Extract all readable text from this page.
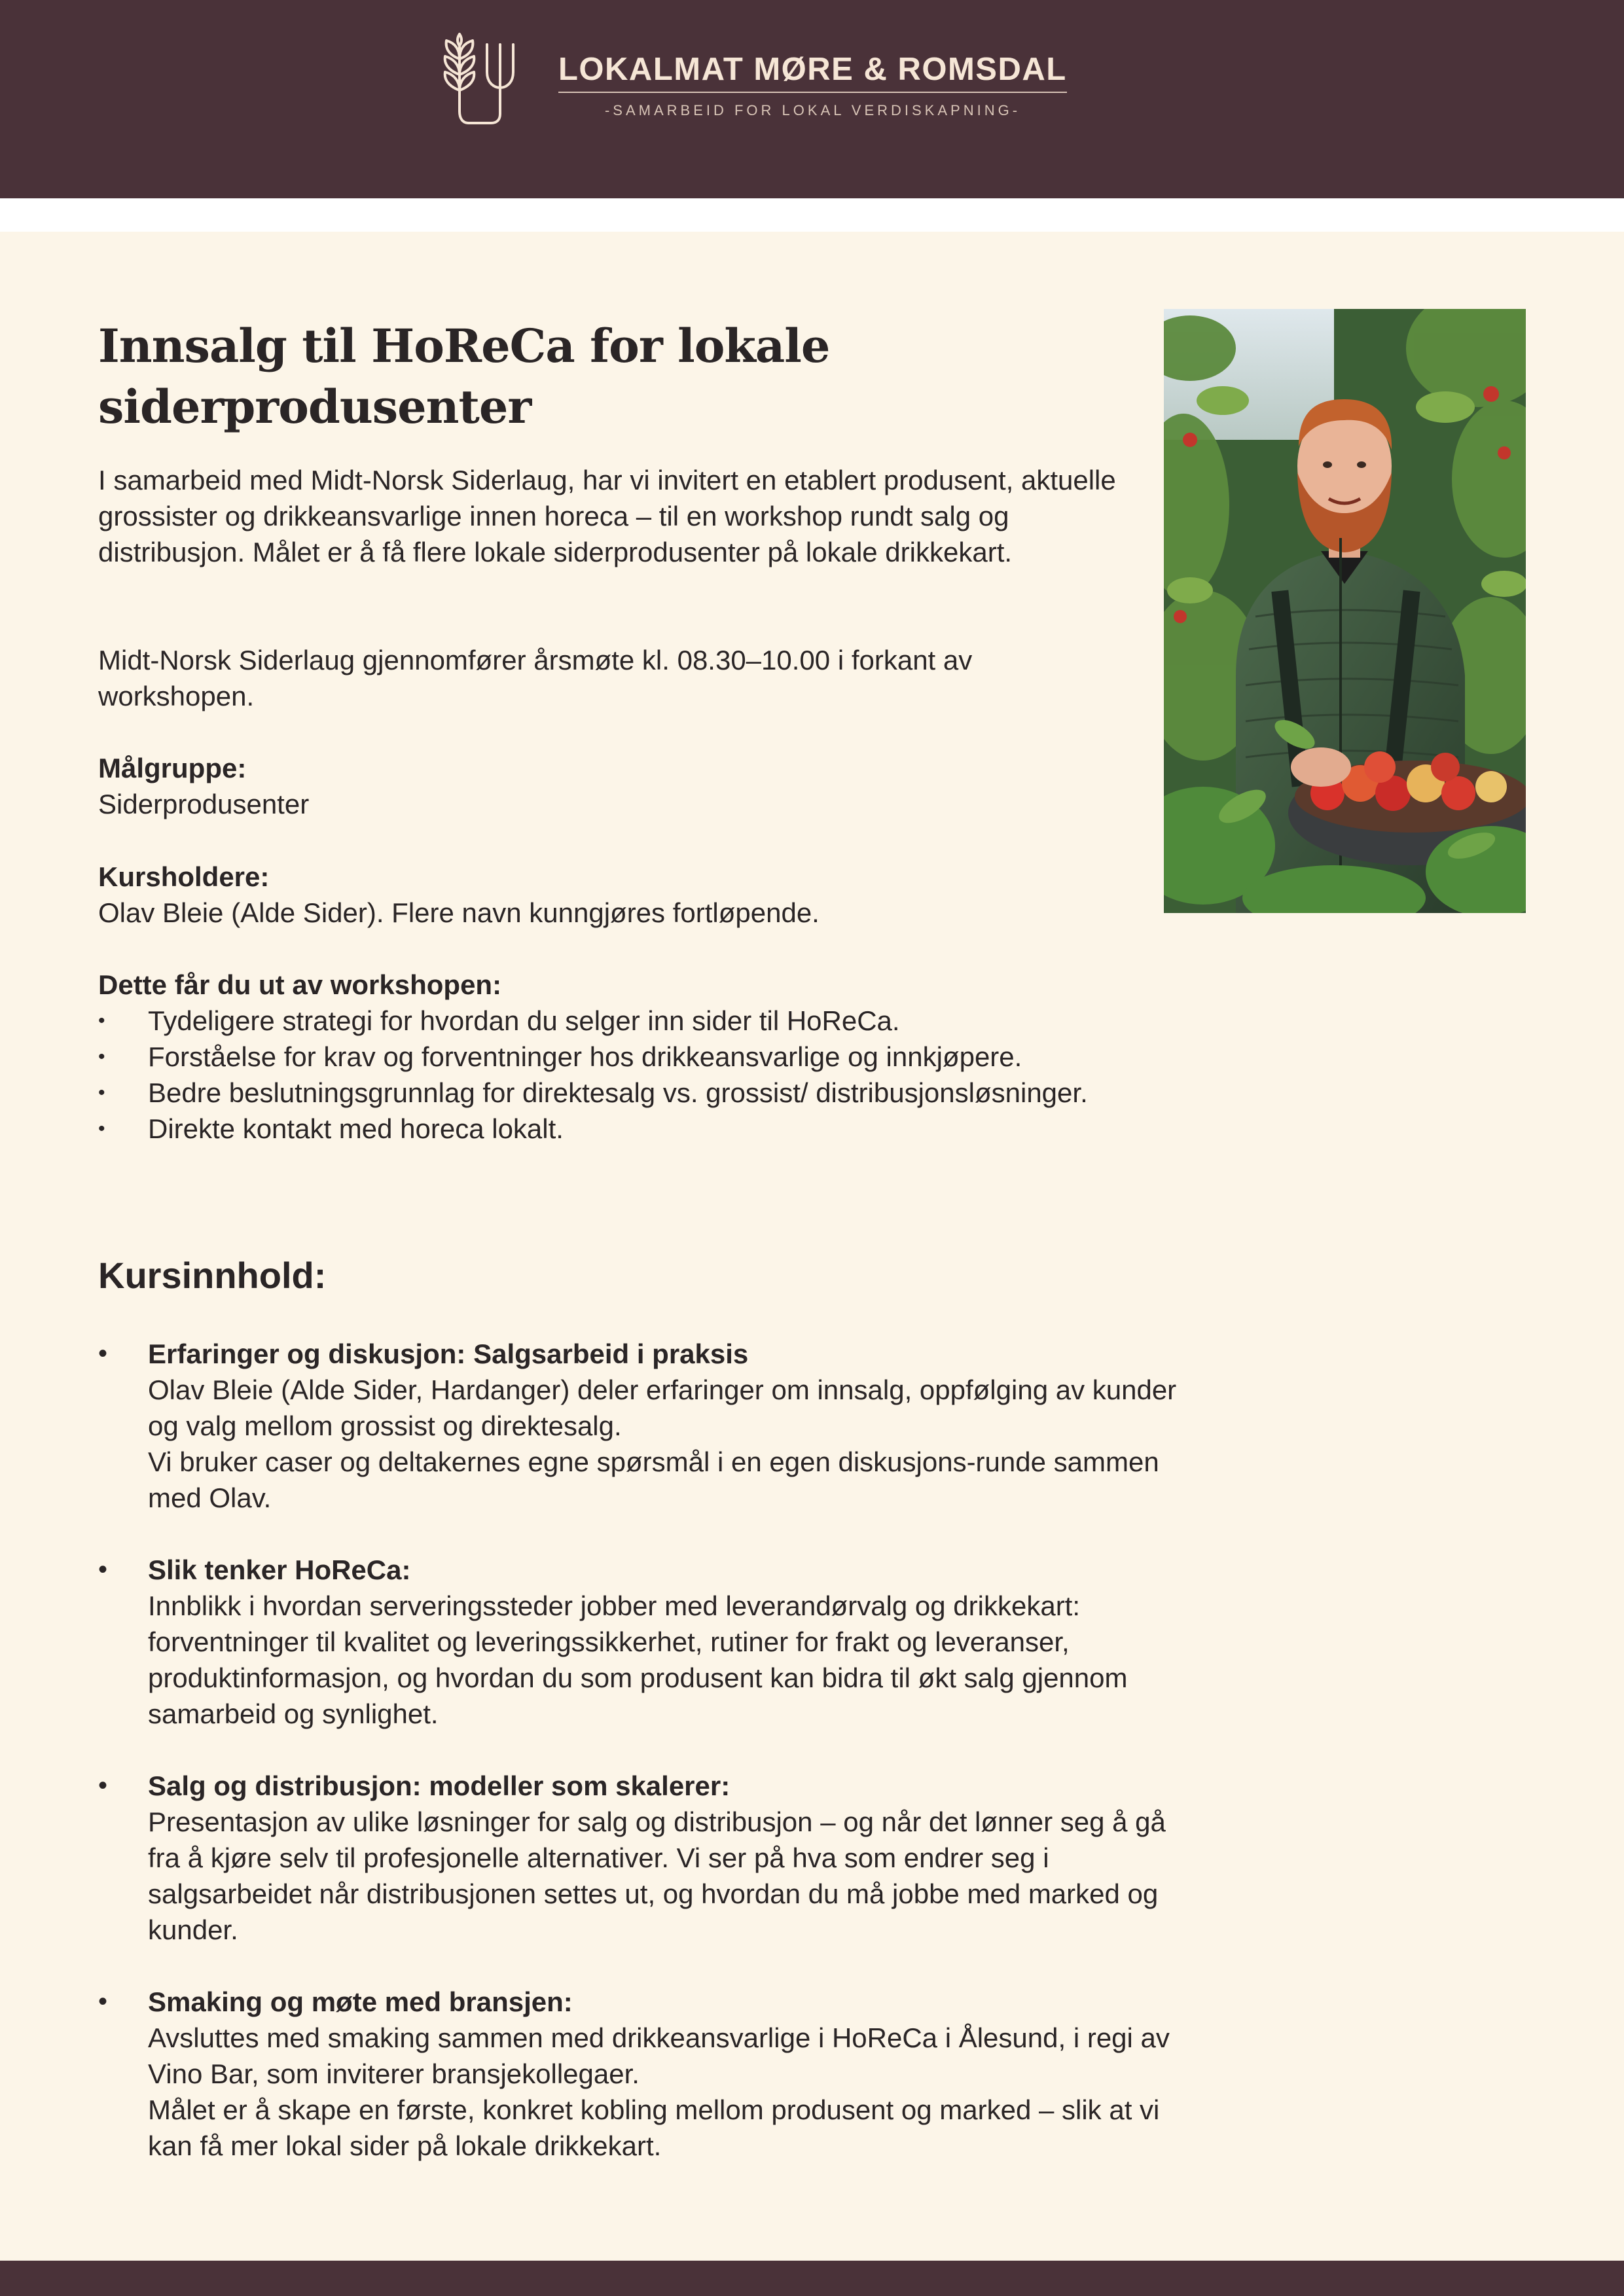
LOKALMAT MØRE & ROMSDAL
-SAMARBEID FOR LOKAL VERDISKAPNING-
Innsalg til HoReCa for lokale siderprodusenter

I samarbeid med Midt-Norsk Siderlaug, har vi invitert en etablert produsent, aktuelle grossister og drikkeansvarlige innen horeca – til en workshop rundt salg og distribusjon. Målet er å få flere lokale siderprodusenter på lokale drikkekart.

Midt-Norsk Siderlaug gjennomfører årsmøte kl. 08.30–10.00 i forkant av workshopen.

Målgruppe:

Siderprodusenter

Kursholdere:

Olav Bleie (Alde Sider). Flere navn kunngjøres fortløpende.

Dette får du ut av workshopen:

• Tydeligere strategi for hvordan du selger inn sider til HoReCa.
• Forståelse for krav og forventninger hos drikkeansvarlige og innkjøpere.
• Bedre beslutningsgrunnlag for direktesalg vs. grossist/ distribusjonsløsninger.
• Direkte kontakt med horeca lokalt.
Kursinnhold:
• Erfaringer og diskusjon: Salgsarbeid i praksis
Olav Bleie (Alde Sider, Hardanger) deler erfaringer om innsalg, oppfølging av kunder og valg mellom grossist og direktesalg.
Vi bruker caser og deltakernes egne spørsmål i en egen diskusjons-runde sammen med Olav.
• Slik tenker HoReCa:
Innblikk i hvordan serveringssteder jobber med leverandørvalg og drikkekart: forventninger til kvalitet og leveringssikkerhet, rutiner for frakt og leveranser, produktinformasjon, og hvordan du som produsent kan bidra til økt salg gjennom samarbeid og synlighet.
• Salg og distribusjon: modeller som skalerer:
Presentasjon av ulike løsninger for salg og distribusjon – og når det lønner seg å gå fra å kjøre selv til profesjonelle alternativer. Vi ser på hva som endrer seg i salgsarbeidet når distribusjonen settes ut, og hvordan du må jobbe med marked og kunder.
• Smaking og møte med bransjen:
Avsluttes med smaking sammen med drikkeansvarlige i HoReCa i Ålesund, i regi av Vino Bar, som inviterer bransjekollegaer.
Målet er å skape en første, konkret kobling mellom produsent og marked – slik at vi kan få mer lokal sider på lokale drikkekart.
